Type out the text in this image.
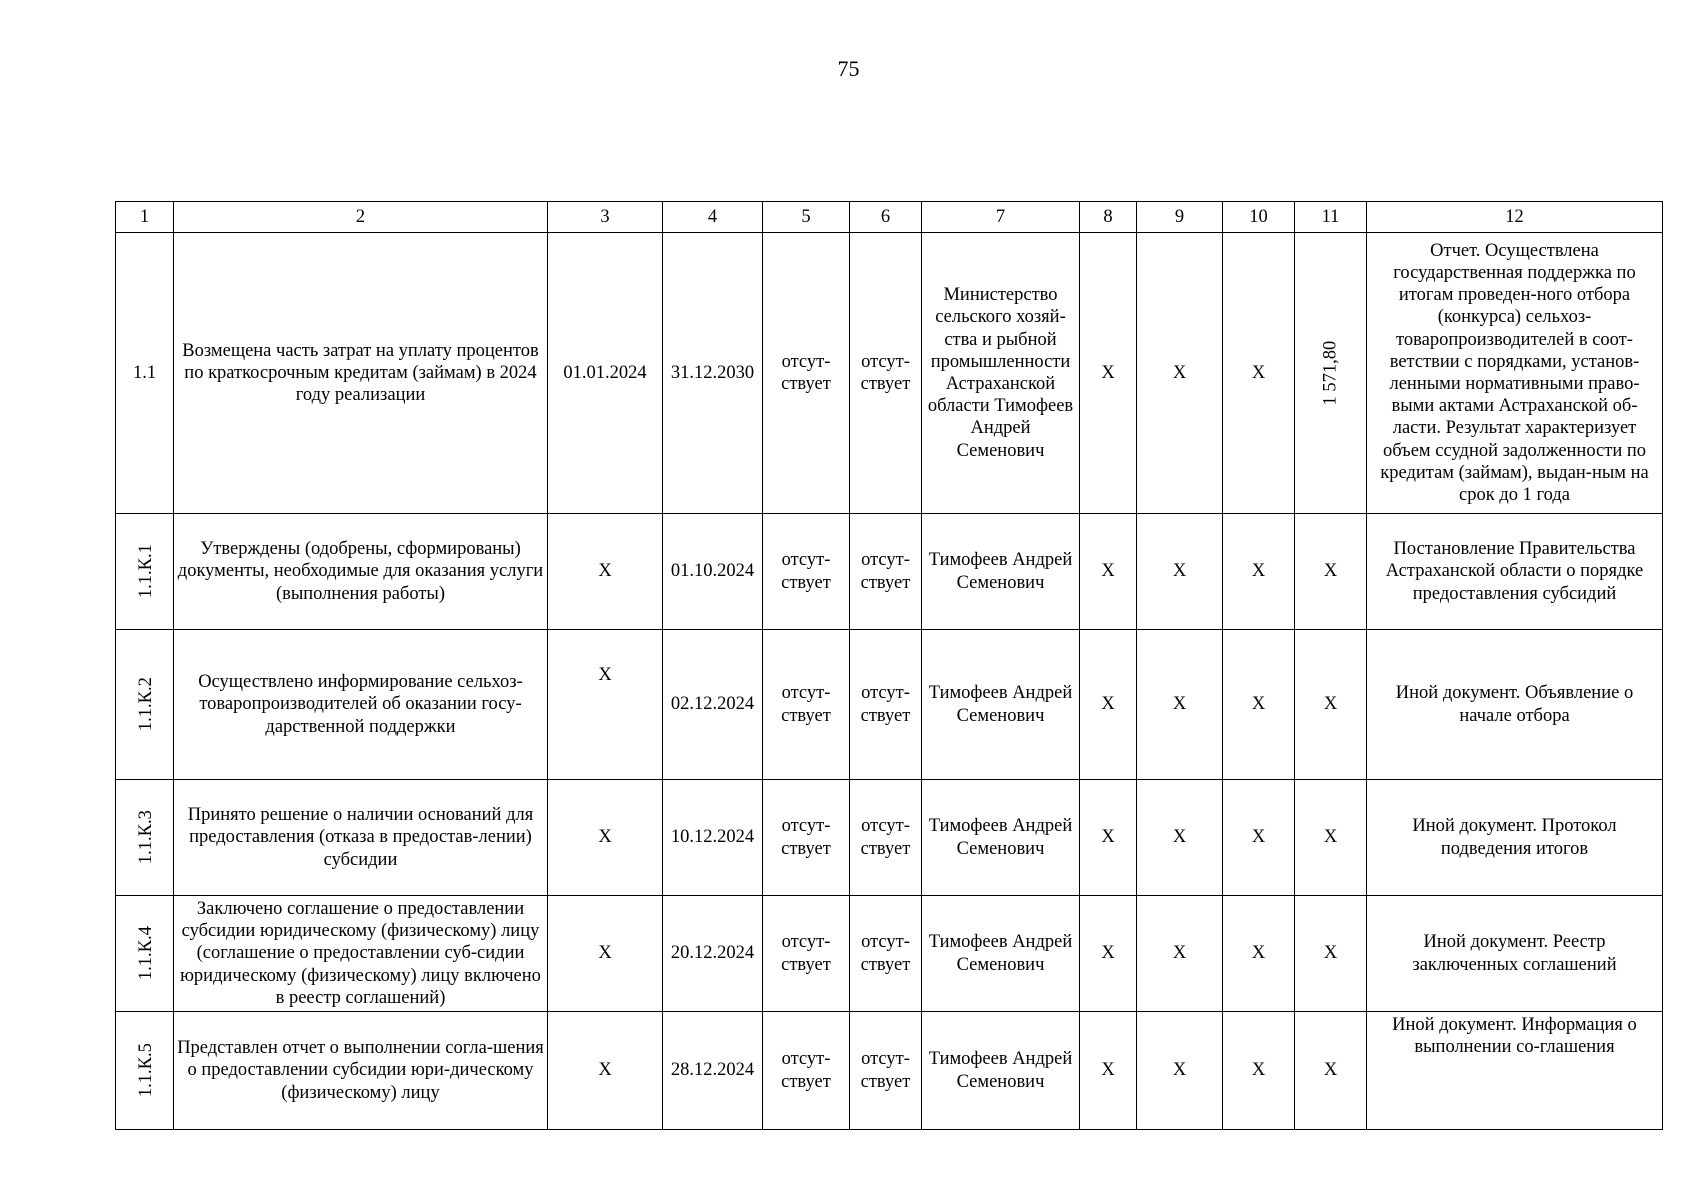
75
1	2	3	4	5	6	7	8	9	10	11	12
1.1	Возмещена часть затрат на уплату процентов по краткосрочным кредитам (займам) в 2024 году реализации	01.01.2024	31.12.2030	отсут-ствует	отсут-ствует	Министерство сельского хозяй-ства и рыбной промышленности Астраханской области Тимофеев Андрей Семенович	X	X	X	1 571,80	Отчет. Осуществлена государственная поддержка по итогам проведен-ного отбора (конкурса) сельхоз-товаропроизводителей в соот-ветствии с порядками, установ-ленными нормативными право-выми актами Астраханской об-ласти. Результат характеризует объем ссудной задолженности по кредитам (займам), выдан-ным на срок до 1 года
1.1.К.1	Утверждены (одобрены, сформированы) документы, необходимые для оказания услуги (выполнения работы)	X	01.10.2024	отсут-ствует	отсут-ствует	Тимофеев Андрей Семенович	X	X	X	X	Постановление Правительства Астраханской области о порядке предоставления субсидий
1.1.К.2	Осуществлено информирование сельхоз-товаропроизводителей об оказании госу-дарственной поддержки	X	02.12.2024	отсут-ствует	отсут-ствует	Тимофеев Андрей Семенович	X	X	X	X	Иной документ. Объявление о начале отбора
1.1.К.3	Принято решение о наличии оснований для предоставления (отказа в предостав-лении) субсидии	X	10.12.2024	отсут-ствует	отсут-ствует	Тимофеев Андрей Семенович	X	X	X	X	Иной документ. Протокол подведения итогов
1.1.К.4	Заключено соглашение о предоставлении субсидии юридическому (физическому) лицу (соглашение о предоставлении суб-сидии юридическому (физическому) лицу включено в реестр соглашений)	X	20.12.2024	отсут-ствует	отсут-ствует	Тимофеев Андрей Семенович	X	X	X	X	Иной документ. Реестр заключенных соглашений
1.1.К.5	Представлен отчет о выполнении согла-шения о предоставлении субсидии юри-дическому (физическому) лицу	X	28.12.2024	отсут-ствует	отсут-ствует	Тимофеев Андрей Семенович	X	X	X	X	Иной документ. Информация о выполнении со-глашения
